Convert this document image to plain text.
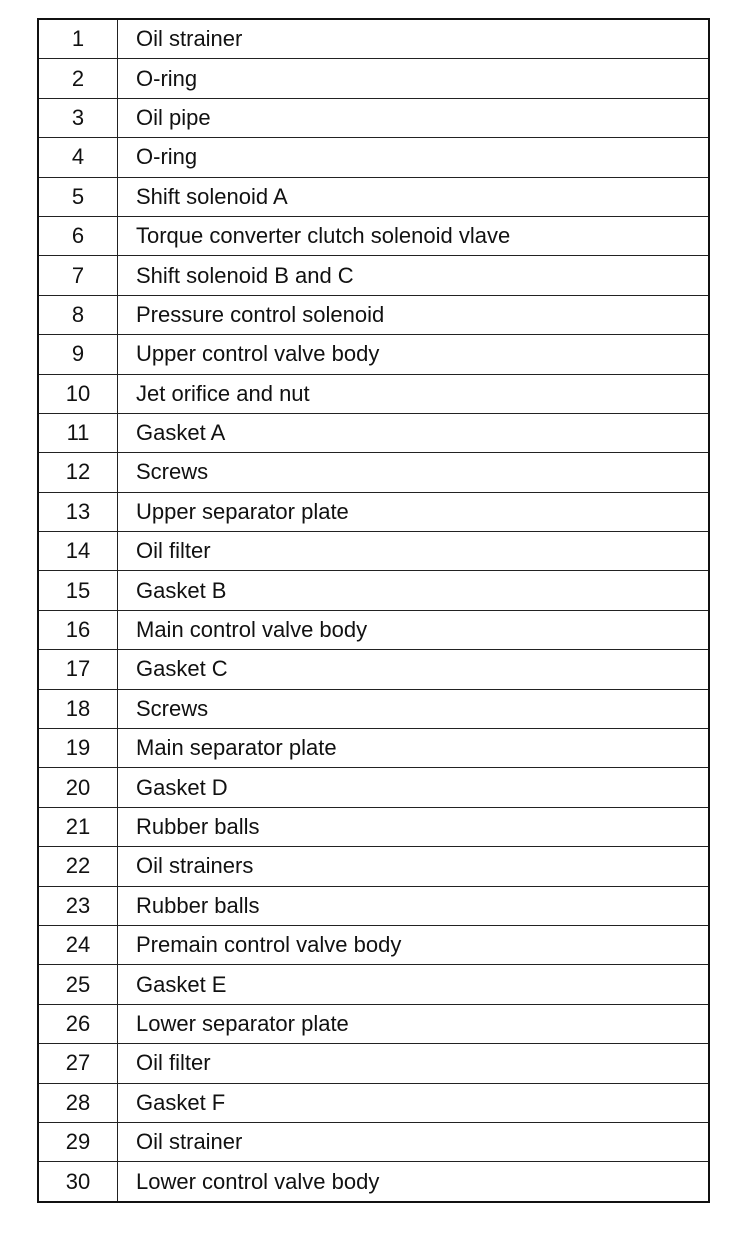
1	Oil strainer
2	O-ring
3	Oil pipe
4	O-ring
5	Shift solenoid A
6	Torque converter clutch solenoid vlave
7	Shift solenoid B and C
8	Pressure control solenoid
9	Upper control valve body
10	Jet orifice and nut
11	Gasket A
12	Screws
13	Upper separator plate
14	Oil filter
15	Gasket B
16	Main control valve body
17	Gasket C
18	Screws
19	Main separator plate
20	Gasket D
21	Rubber balls
22	Oil strainers
23	Rubber balls
24	Premain control valve body
25	Gasket E
26	Lower separator plate
27	Oil filter
28	Gasket F
29	Oil strainer
30	Lower control valve body
